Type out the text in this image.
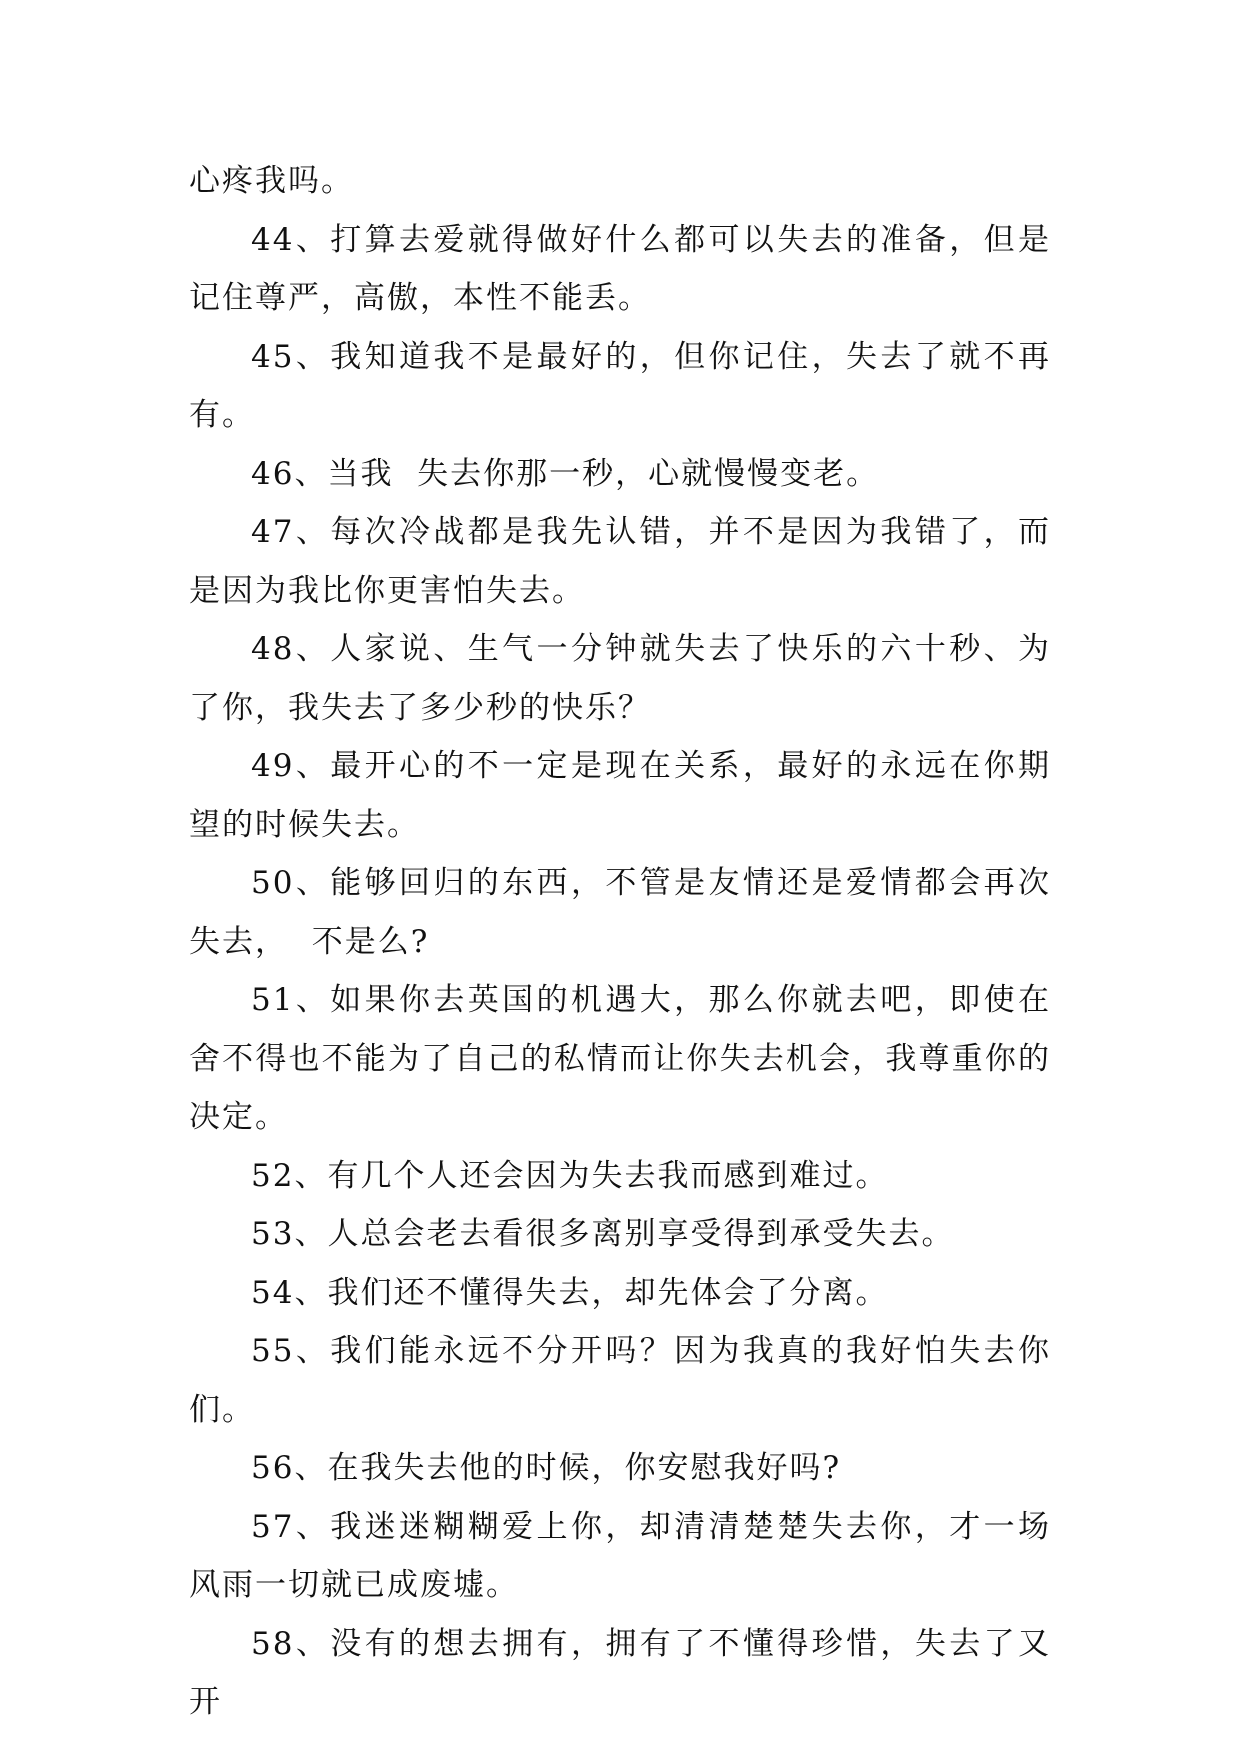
心疼我吗。

44、打算去爱就得做好什么都可以失去的准备，但是记住尊严，高傲，本性不能丢。

45、我知道我不是最好的，但你记住，失去了就不再有。

46、当我  失去你那一秒，心就慢慢变老。

47、每次冷战都是我先认错，并不是因为我错了，而是因为我比你更害怕失去。

48、人家说、生气一分钟就失去了快乐的六十秒、为了你，我失去了多少秒的快乐？

49、最开心的不一定是现在关系，最好的永远在你期望的时候失去。

50、能够回归的东西，不管是友情还是爱情都会再次失去，  不是么?

51、如果你去英国的机遇大，那么你就去吧，即使在舍不得也不能为了自己的私情而让你失去机会，我尊重你的决定。

52、有几个人还会因为失去我而感到难过。

53、人总会老去看很多离别享受得到承受失去。

54、我们还不懂得失去，却先体会了分离。

55、我们能永远不分开吗？因为我真的我好怕失去你们。

56、在我失去他的时候，你安慰我好吗?

57、我迷迷糊糊爱上你，却清清楚楚失去你，才一场风雨一切就已成废墟。

58、没有的想去拥有，拥有了不懂得珍惜，失去了又开
